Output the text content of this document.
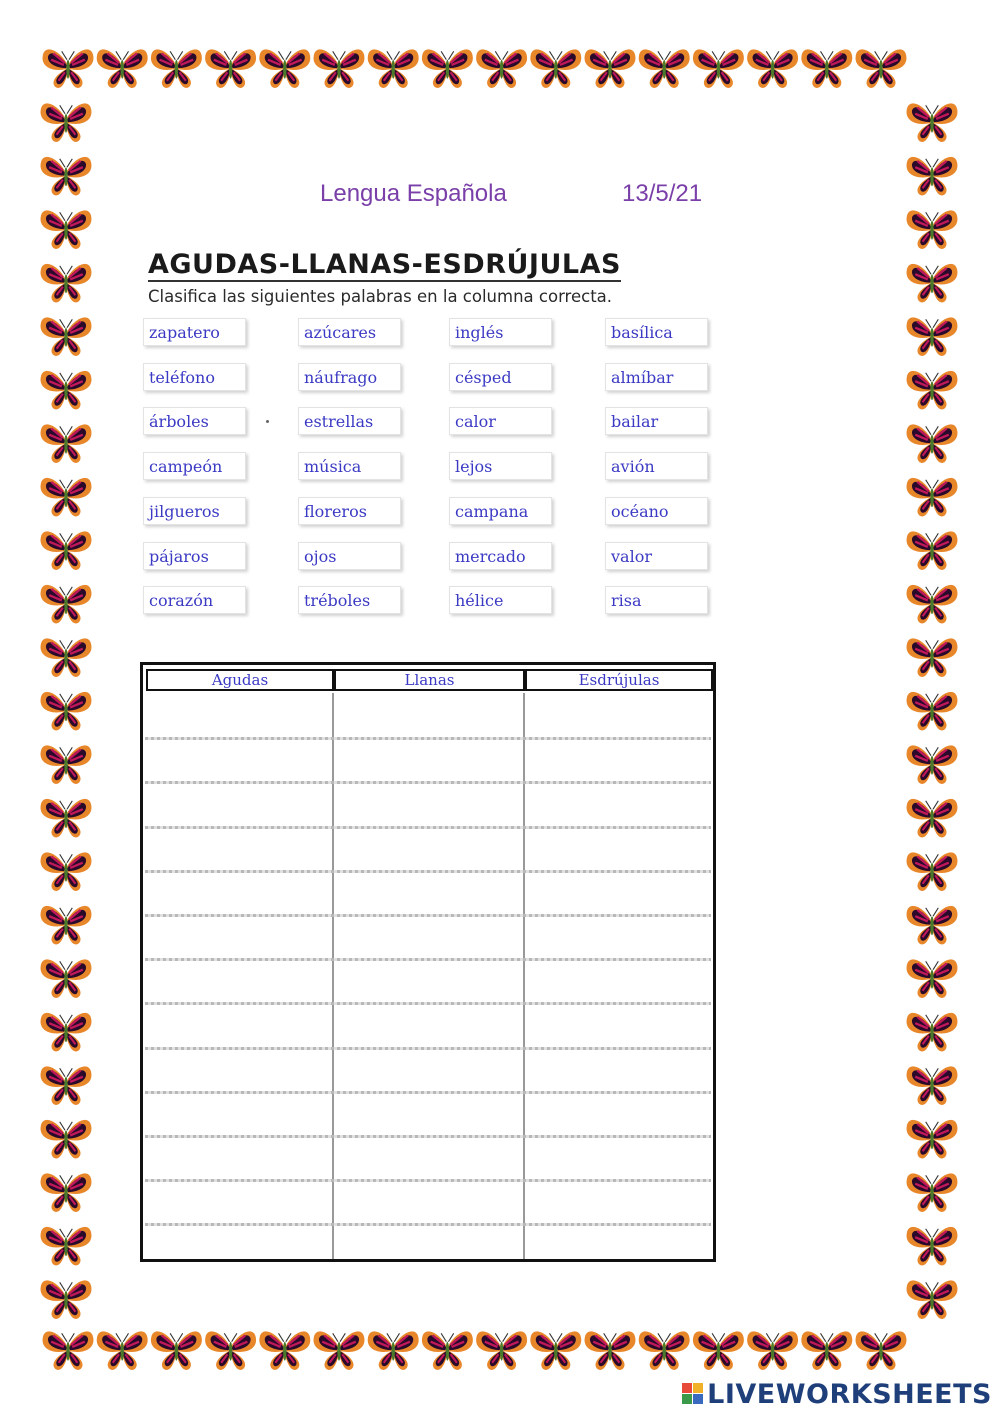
Lengua Española	13/5/21
AGUDAS-LLANAS-ESDRÚJULAS
Clasifica las siguientes palabras en la columna correcta.
zapatero	azúcares	inglés	basílica
teléfono	náufrago	césped	almíbar
árboles	estrellas	calor	bailar
campeón	música	lejos	avión
jilgueros	floreros	campana	océano
pájaros	ojos	mercado	valor
corazón	tréboles	hélice	risa
Agudas	Llanas	Esdrújulas
LIVEWORKSHEETS
